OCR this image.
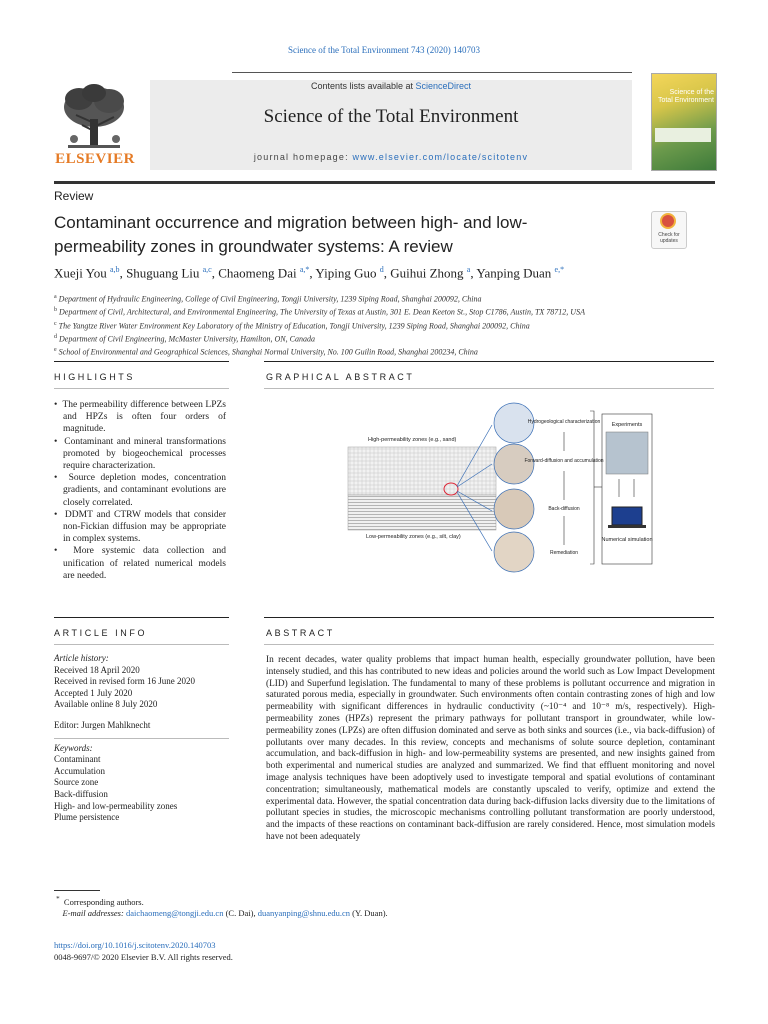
Science of the Total Environment 743 (2020) 140703
Contents lists available at ScienceDirect
Science of the Total Environment
journal homepage: www.elsevier.com/locate/scitotenv
ELSEVIER
Science of the Total Environment
Review
Contaminant occurrence and migration between high- and low-permeability zones in groundwater systems: A review
Check for
updates
Xueji You $^{a,b}$, Shuguang Liu $^{a,c}$, Chaomeng Dai $^{a,*}$, Yiping Guo $^d$, Guihui Zhong $^a$, Yanping Duan $^{e,*}$
$^a$ Department of Hydraulic Engineering, College of Civil Engineering, Tongji University, 1239 Siping Road, Shanghai 200092, China
$^b$ Department of Civil, Architectural, and Environmental Engineering, The University of Texas at Austin, 301 E. Dean Keeton St., Stop C1786, Austin, TX 78712, USA
$^c$ The Yangtze River Water Environment Key Laboratory of the Ministry of Education, Tongji University, 1239 Siping Road, Shanghai 200092, China
$^d$ Department of Civil Engineering, McMaster University, Hamilton, ON, Canada
$^e$ School of Environmental and Geographical Sciences, Shanghai Normal University, No. 100 Guilin Road, Shanghai 200234, China
HIGHLIGHTS	GRAPHICAL ABSTRACT
•  The permeability difference between LPZs and HPZs is often four orders of magnitude.
•  Contaminant and mineral transformations promoted by biogeochemical processes require characterization.
•  Source depletion modes, concentration gradients, and contaminant evolutions are closely correlated.
•  DDMT and CTRW models that consider non-Fickian diffusion may be appropriate in complex systems.
•  More systemic data collection and unification of related numerical models are needed.
High-permeability zones (e.g., sand)
Low-permeability zones (e.g., silt, clay)
Hydrogeological characterization
Forward-diffusion and accumulation
Back-diffusion
Remediation
Experiments
Numerical simulation
ARTICLE INFO	ABSTRACT
Article history:
Received 18 April 2020
Received in revised form 16 June 2020
Accepted 1 July 2020
Available online 8 July 2020
Editor: Jurgen Mahlknecht
Keywords:
Contaminant
Accumulation
Source zone
Back-diffusion
High- and low-permeability zones
Plume persistence
In recent decades, water quality problems that impact human health, especially groundwater pollution, have been intensely studied, and this has contributed to new ideas and policies around the world such as Low Impact Development (LID) and Superfund legislation. The fundamental to many of these problems is pollutant occurrence and migration in saturated porous media, especially in groundwater. Such environments often contain contrasting zones of high and low permeability with significant differences in hydraulic conductivity (~10⁻⁴ and 10⁻⁸ m/s, respectively). High-permeability zones (HPZs) represent the primary pathways for pollutant transport in groundwater, while low-permeability zones (LPZs) are often diffusion dominated and serve as both sinks and sources (i.e., via back-diffusion) of pollutants over many decades. In this review, concepts and mechanisms of solute source depletion, contaminant accumulation, and back-diffusion in high- and low-permeability systems are presented, and new insights gained from both experimental and numerical studies are analyzed and summarized. We find that effluent monitoring and novel image analysis techniques have been adoptively used to investigate temporal and spatial evolutions of contaminant concentration; simultaneously, mathematical models are constantly upscaled to verify, optimize and extend the experimental data. However, the spatial concentration data during back-diffusion lacks diversity due to the limitations of pollutant species in studies, the microscopic mechanisms controlling pollutant transformation are poorly understood, and the impacts of these reactions on contaminant back-diffusion are rarely considered. Hence, most simulation models have not been adequately
* Corresponding authors.
E-mail addresses: daichaomeng@tongji.edu.cn (C. Dai), duanyanping@shnu.edu.cn (Y. Duan).
https://doi.org/10.1016/j.scitotenv.2020.140703
0048-9697/© 2020 Elsevier B.V. All rights reserved.
